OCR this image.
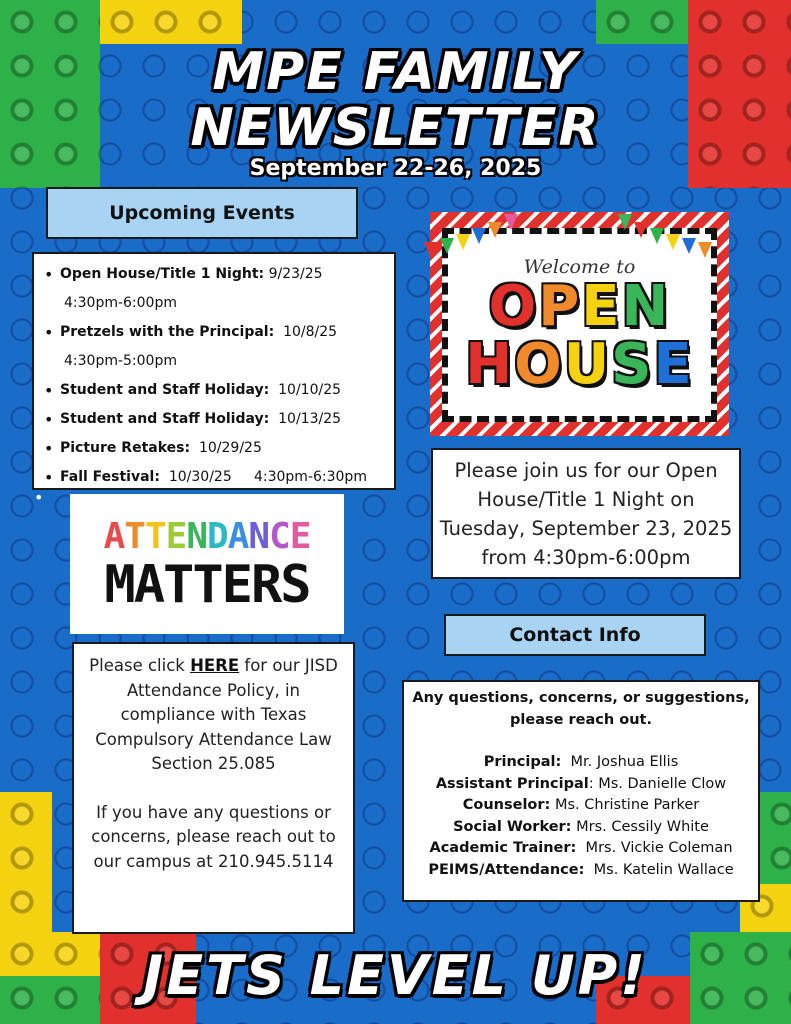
MPE FAMILY
NEWSLETTER
September 22-26, 2025
Upcoming Events
• Open House/Title 1 Night: 9/23/25
4:30pm-6:00pm
• Pretzels with the Principal:  10/8/25
4:30pm-5:00pm
• Student and Staff Holiday:  10/10/25
• Student and Staff Holiday:  10/13/25
• Picture Retakes:  10/29/25
• Fall Festival:  10/30/25     4:30pm-6:30pm
•
ATTENDANCE
MATTERS

Please click HERE for our JISD Attendance Policy, in compliance with Texas Compulsory Attendance Law Section 25.085

If you have any questions or concerns, please reach out to our campus at 210.945.5114

Welcome to
OPEN
HOUSE
Please join us for our Open House/Title 1 Night on Tuesday, September 23, 2025 from 4:30pm-6:00pm
Contact Info
Any questions, concerns, or suggestions, please reach out.
Principal:  Mr. Joshua Ellis
Assistant Principal: Ms. Danielle Clow
Counselor: Ms. Christine Parker
Social Worker: Mrs. Cessily White
Academic Trainer:  Mrs. Vickie Coleman
PEIMS/Attendance:  Ms. Katelin Wallace
JETS LEVEL UP!
